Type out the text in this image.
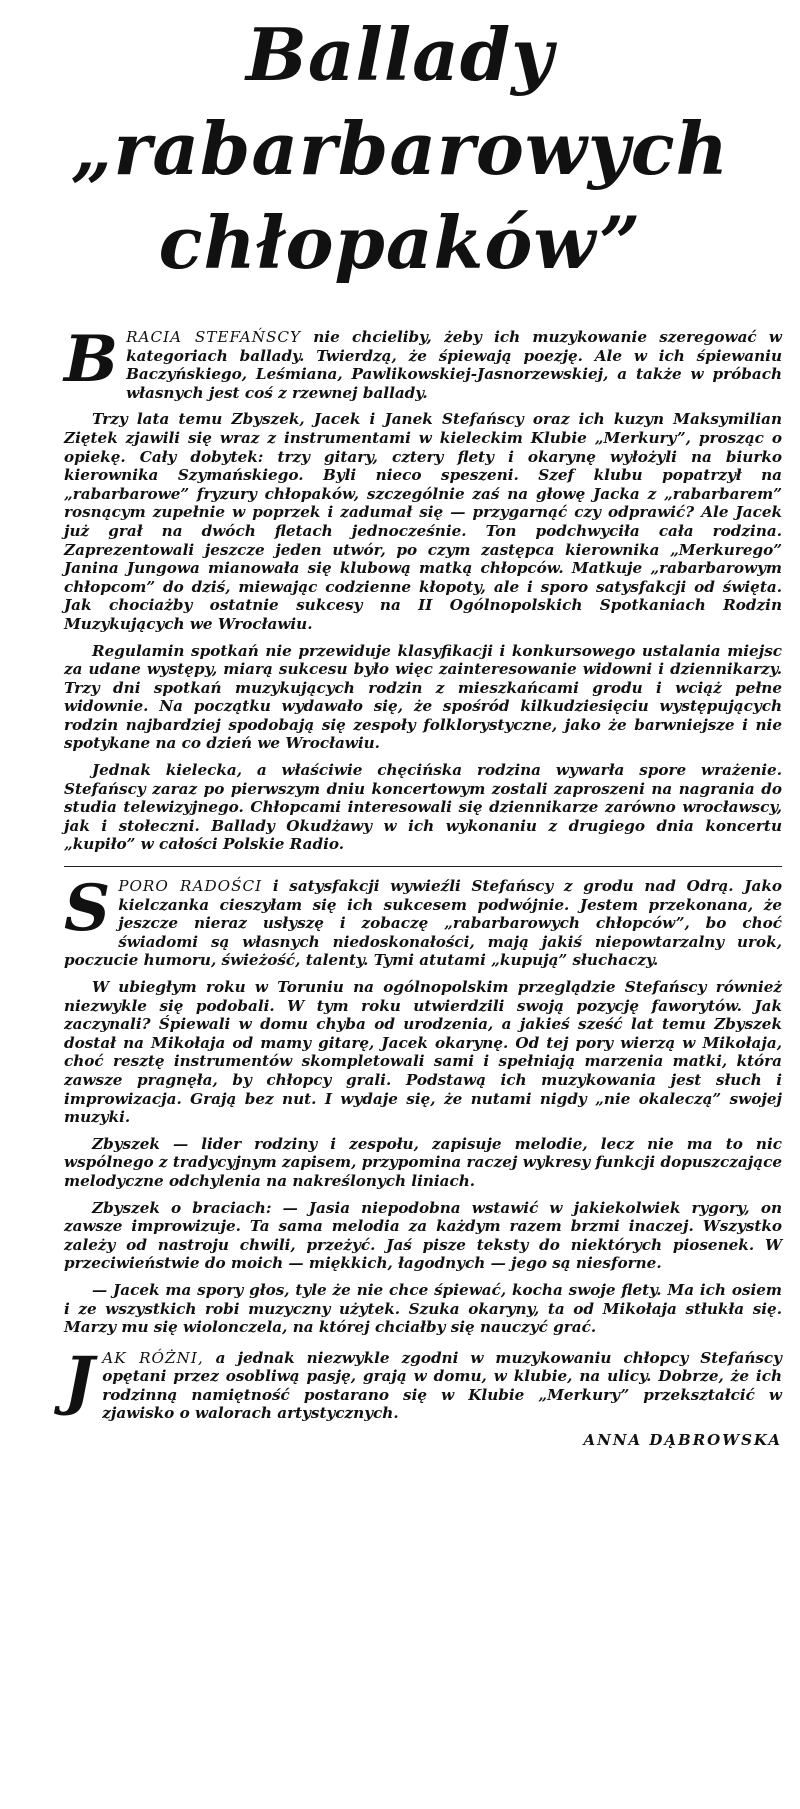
Ballady
„rabarbarowych
chłopaków”

BRACIA STEFAŃSCY nie chcieliby, żeby ich muzykowanie szeregować w kategoriach ballady. Twierdzą, że śpiewają poezję. Ale w ich śpiewaniu Baczyńskiego, Leśmiana, Pawlikowskiej-Jasnorzewskiej, a także w próbach własnych jest coś z rzewnej ballady.

Trzy lata temu Zbyszek, Jacek i Janek Stefańscy oraz ich kuzyn Maksymilian Ziętek zjawili się wraz z instrumentami w kieleckim Klubie „Merkury”, prosząc o opiekę. Cały dobytek: trzy gitary, cztery flety i okarynę wyłożyli na biurko kierownika Szymańskiego. Byli nieco speszeni. Szef klubu popatrzył na „rabarbarowe” fryzury chłopaków, szczególnie zaś na głowę Jacka z „rabarbarem” rosnącym zupełnie w poprzek i zadumał się — przygarnąć czy odprawić? Ale Jacek już grał na dwóch fletach jednocześnie. Ton podchwyciła cała rodzina. Zaprezentowali jeszcze jeden utwór, po czym zastępca kierownika „Merkurego” Janina Jungowa mianowała się klubową matką chłopców. Matkuje „rabarbarowym chłopcom” do dziś, miewając codzienne kłopoty, ale i sporo satysfakcji od święta. Jak chociażby ostatnie sukcesy na II Ogólnopolskich Spotkaniach Rodzin Muzykujących we Wrocławiu.

Regulamin spotkań nie przewiduje klasyfikacji i konkursowego ustalania miejsc za udane występy, miarą sukcesu było więc zainteresowanie widowni i dziennikarzy. Trzy dni spotkań muzykujących rodzin z mieszkańcami grodu i wciąż pełne widownie. Na początku wydawało się, że spośród kilkudziesięciu występujących rodzin najbardziej spodobają się zespoły folklorystyczne, jako że barwniejsze i nie spotykane na co dzień we Wrocławiu.

Jednak kielecka, a właściwie chęcińska rodzina wywarła spore wrażenie. Stefańscy zaraz po pierwszym dniu koncertowym zostali zaproszeni na nagrania do studia telewizyjnego. Chłopcami interesowali się dziennikarze zarówno wrocławscy, jak i stołeczni. Ballady Okudżawy w ich wykonaniu z drugiego dnia koncertu „kupiło” w całości Polskie Radio.

SPORO RADOŚCI i satysfakcji wywieźli Stefańscy z grodu nad Odrą. Jako kielczanka cieszyłam się ich sukcesem podwójnie. Jestem przekonana, że jeszcze nieraz usłyszę i zobaczę „rabarbarowych chłopców”, bo choć świadomi są własnych niedoskonałości, mają jakiś niepowtarzalny urok, poczucie humoru, świeżość, talenty. Tymi atutami „kupują” słuchaczy.

W ubiegłym roku w Toruniu na ogólnopolskim przeglądzie Stefańscy również niezwykle się podobali. W tym roku utwierdzili swoją pozycję faworytów. Jak zaczynali? Śpiewali w domu chyba od urodzenia, a jakieś sześć lat temu Zbyszek dostał na Mikołaja od mamy gitarę, Jacek okarynę. Od tej pory wierzą w Mikołaja, choć resztę instrumentów skompletowali sami i spełniają marzenia matki, która zawsze pragnęła, by chłopcy grali. Podstawą ich muzykowania jest słuch i improwizacja. Grają bez nut. I wydaje się, że nutami nigdy „nie okaleczą” swojej muzyki.

Zbyszek — lider rodziny i zespołu, zapisuje melodie, lecz nie ma to nic wspólnego z tradycyjnym zapisem, przypomina raczej wykresy funkcji dopuszczające melodyczne odchylenia na nakreślonych liniach.

Zbyszek o braciach: — Jasia niepodobna wstawić w jakiekolwiek rygory, on zawsze improwizuje. Ta sama melodia za każdym razem brzmi inaczej. Wszystko zależy od nastroju chwili, przeżyć. Jaś pisze teksty do niektórych piosenek. W przeciwieństwie do moich — miękkich, łagodnych — jego są niesforne.

— Jacek ma spory głos, tyle że nie chce śpiewać, kocha swoje flety. Ma ich osiem i ze wszystkich robi muzyczny użytek. Szuka okaryny, ta od Mikołaja stłukła się. Marzy mu się wiolonczela, na której chciałby się nauczyć grać.

JAK RÓŻNI, a jednak niezwykle zgodni w muzykowaniu chłopcy Stefańscy opętani przez osobliwą pasję, grają w domu, w klubie, na ulicy. Dobrze, że ich rodzinną namiętność postarano się w Klubie „Merkury” przekształcić w zjawisko o walorach artystycznych.

ANNA DĄBROWSKA
